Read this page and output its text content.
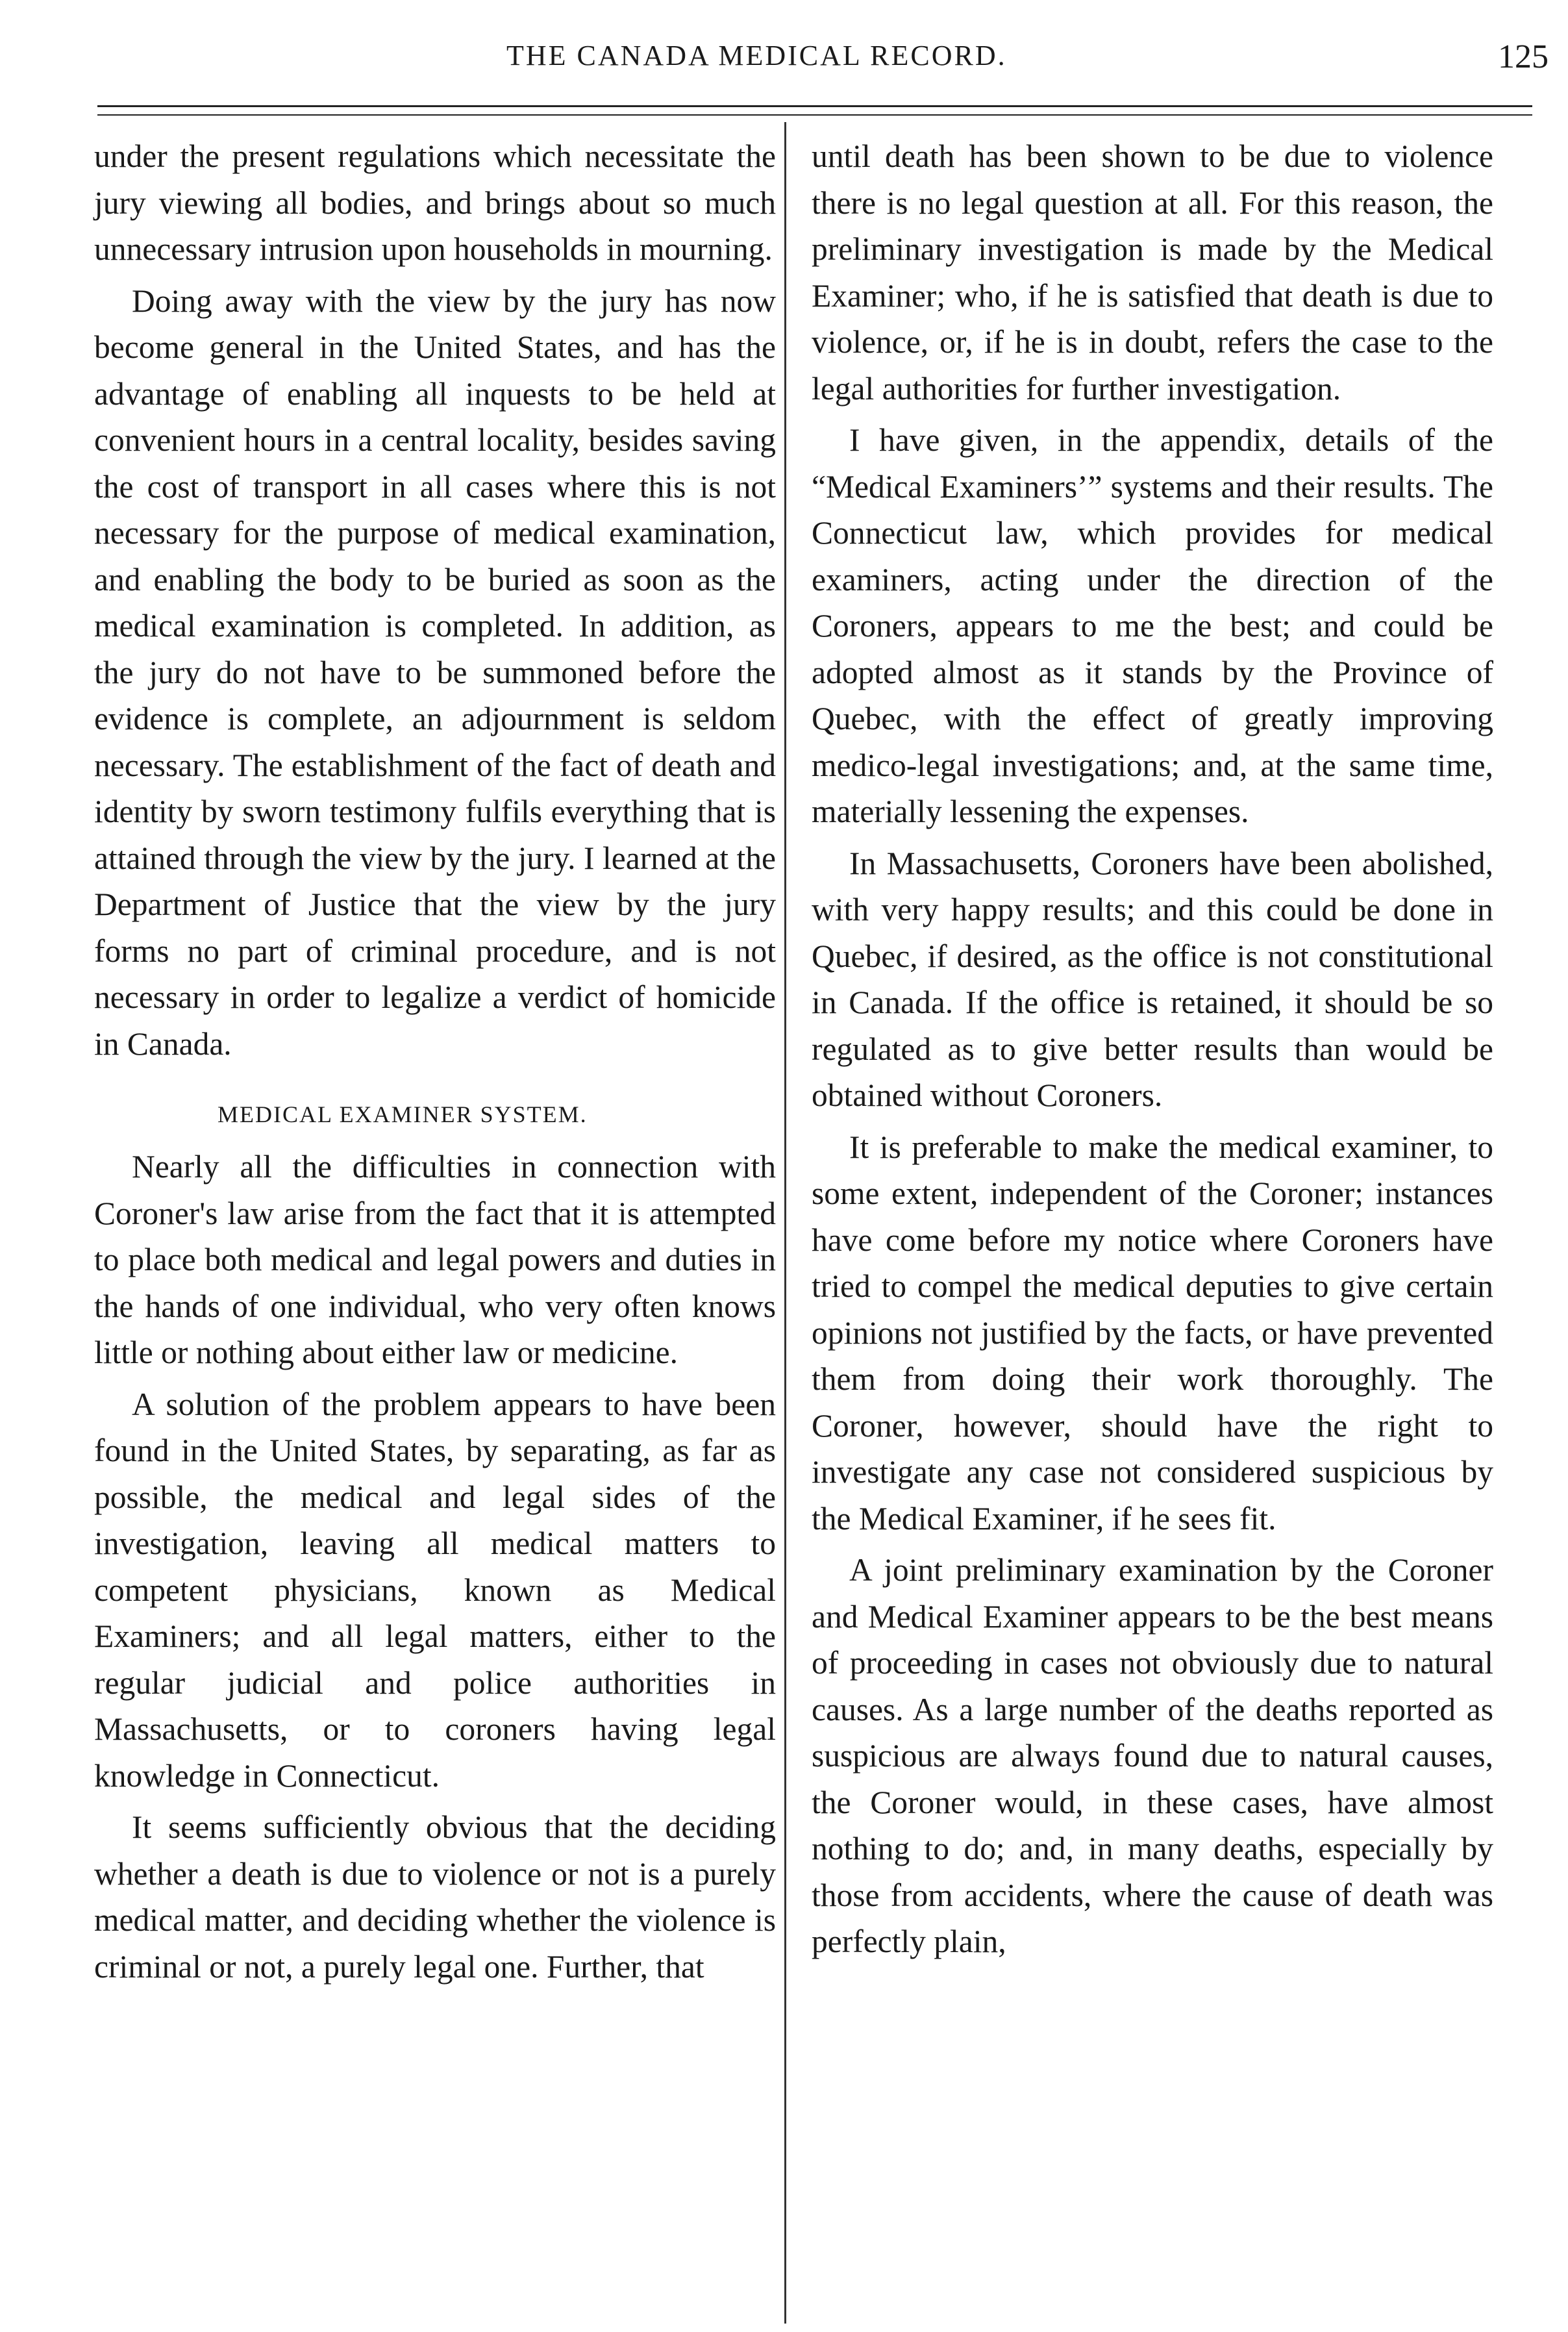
THE CANADA MEDICAL RECORD.	125

under the present regulations which necessitate the jury viewing all bodies, and brings about so much unnecessary intrusion upon households in mourning.

Doing away with the view by the jury has now become general in the United States, and has the advantage of enabling all inquests to be held at convenient hours in a central locality, besides saving the cost of transport in all cases where this is not necessary for the purpose of medical examination, and enabling the body to be buried as soon as the medical examination is completed. In addition, as the jury do not have to be summoned before the evidence is complete, an adjournment is seldom necessary. The establishment of the fact of death and identity by sworn testimony fulfils everything that is attained through the view by the jury. I learned at the Department of Justice that the view by the jury forms no part of criminal procedure, and is not necessary in order to legalize a verdict of homicide in Canada.

MEDICAL EXAMINER SYSTEM.

Nearly all the difficulties in connection with Coroner's law arise from the fact that it is attempted to place both medical and legal powers and duties in the hands of one individual, who very often knows little or nothing about either law or medicine.

A solution of the problem appears to have been found in the United States, by separating, as far as possible, the medical and legal sides of the investigation, leaving all medical matters to competent physicians, known as Medical Examiners; and all legal matters, either to the regular judicial and police authorities in Massachusetts, or to coroners having legal knowledge in Connecticut.

It seems sufficiently obvious that the deciding whether a death is due to violence or not is a purely medical matter, and deciding whether the violence is criminal or not, a purely legal one. Further, that

until death has been shown to be due to violence there is no legal question at all. For this reason, the preliminary investigation is made by the Medical Examiner; who, if he is satisfied that death is due to violence, or, if he is in doubt, refers the case to the legal authorities for further investigation.

I have given, in the appendix, details of the “Medical Examiners’” systems and their results. The Connecticut law, which provides for medical examiners, acting under the direction of the Coroners, appears to me the best; and could be adopted almost as it stands by the Province of Quebec, with the effect of greatly improving medico-legal investigations; and, at the same time, materially lessening the expenses.

In Massachusetts, Coroners have been abolished, with very happy results; and this could be done in Quebec, if desired, as the office is not constitutional in Canada. If the office is retained, it should be so regulated as to give better results than would be obtained without Coroners.

It is preferable to make the medical examiner, to some extent, independent of the Coroner; instances have come before my notice where Coroners have tried to compel the medical deputies to give certain opinions not justified by the facts, or have prevented them from doing their work thoroughly. The Coroner, however, should have the right to investigate any case not considered suspicious by the Medical Examiner, if he sees fit.

A joint preliminary examination by the Coroner and Medical Examiner appears to be the best means of proceeding in cases not obviously due to natural causes. As a large number of the deaths reported as suspicious are always found due to natural causes, the Coroner would, in these cases, have almost nothing to do; and, in many deaths, especially by those from accidents, where the cause of death was perfectly plain,
